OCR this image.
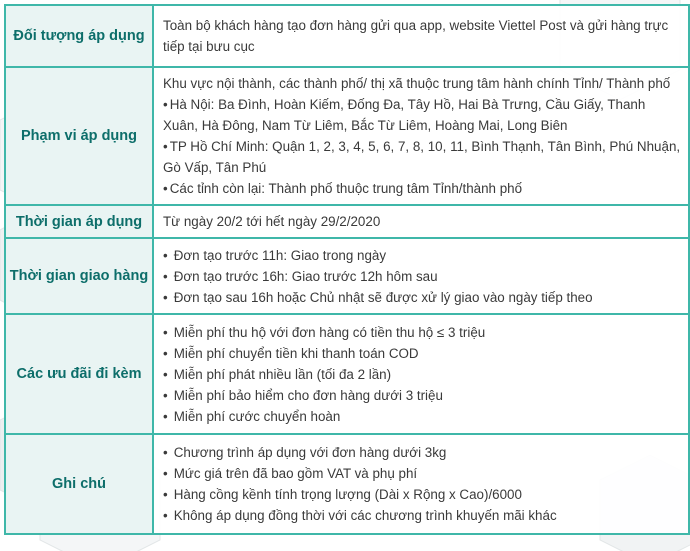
Đối tượng áp dụng	Toàn bộ khách hàng tạo đơn hàng gửi qua app, website Viettel Post và gửi hàng trực tiếp tại bưu cục

Phạm vi áp dụng	Khu vực nội thành, các thành phố/ thị xã thuộc trung tâm hành chính Tỉnh/ Thành phố
• Hà Nội: Ba Đình, Hoàn Kiếm, Đống Đa, Tây Hồ, Hai Bà Trưng, Cầu Giấy, Thanh Xuân, Hà Đông, Nam Từ Liêm, Bắc Từ Liêm, Hoàng Mai, Long Biên
• TP Hồ Chí Minh: Quận 1, 2, 3, 4, 5, 6, 7, 8, 10, 11, Bình Thạnh, Tân Bình, Phú Nhuận, Gò Vấp, Tân Phú
• Các tỉnh còn lại: Thành phố thuộc trung tâm Tỉnh/thành phố

Thời gian áp dụng	Từ ngày 20/2 tới hết ngày 29/2/2020

Thời gian giao hàng	• Đơn tạo trước 11h: Giao trong ngày
• Đơn tạo trước 16h: Giao trước 12h hôm sau
• Đơn tạo sau 16h hoặc Chủ nhật sẽ được xử lý giao vào ngày tiếp theo

Các ưu đãi đi kèm	• Miễn phí thu hộ với đơn hàng có tiền thu hộ ≤ 3 triệu
• Miễn phí chuyển tiền khi thanh toán COD
• Miễn phí phát nhiều lần (tối đa 2 lần)
• Miễn phí bảo hiểm cho đơn hàng dưới 3 triệu
• Miễn phí cước chuyển hoàn

Ghi chú	• Chương trình áp dụng với đơn hàng dưới 3kg
• Mức giá trên đã bao gồm VAT và phụ phí
• Hàng cồng kềnh tính trọng lượng (Dài x Rộng x Cao)/6000
• Không áp dụng đồng thời với các chương trình khuyến mãi khác
